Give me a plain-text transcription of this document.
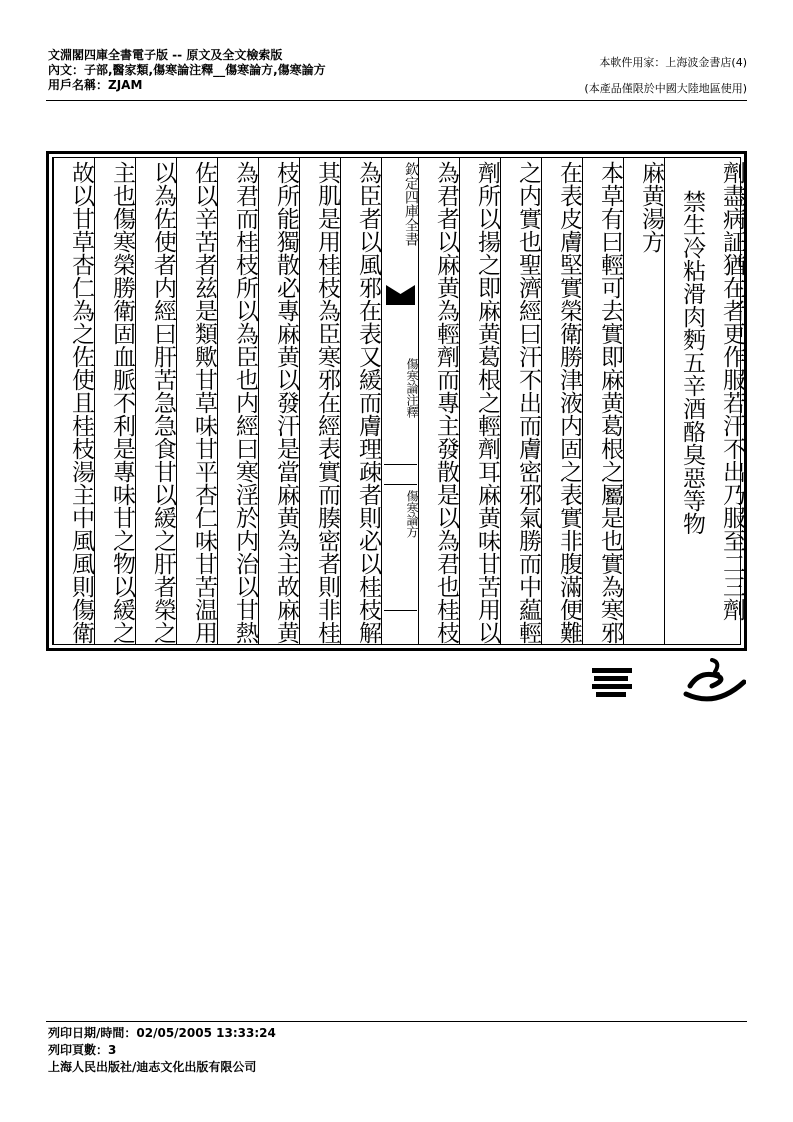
文淵閣四庫全書電子版 -- 原文及全文檢索版
內文：子部,醫家類,傷寒論注釋__傷寒論方,傷寒論方
用戶名稱：ZJAM
本軟件用家：上海波金書店(4)
(本產品僅限於中國大陸地區使用)
劑盡病証猶在者更作服若汗不出乃服至二三劑
禁生冷粘滑肉麪五辛酒酪臭惡等物
麻黄湯方
本草有曰輕可去實即麻黄葛根之屬是也實為寒邪
在表皮膚堅實榮衛勝津液内固之表實非腹滿便難
之内實也聖濟經曰汗不出而膚密邪氣勝而中藴輕
劑所以揚之即麻黄葛根之輕劑耳麻黄味甘苦用以
為君者以麻黄為輕劑而專主發散是以為君也桂枝
欽定四庫全書
傷寒論注釋
傷寒論方
為臣者以風邪在表又緩而膚理疎者則必以桂枝解
其肌是用桂枝為臣寒邪在經表實而腠密者則非桂
枝所能獨散必專麻黄以發汗是當麻黄為主故麻黄
為君而桂枝所以為臣也内經曰寒淫於内治以甘熱
佐以辛苦者兹是類歟甘草味甘平杏仁味甘苦温用
以為佐使者内經曰肝苦急急食甘以緩之肝者榮之
主也傷寒榮勝衛固血脈不利是專味甘之物以緩之
故以甘草杏仁為之佐使且桂枝湯主中風風則傷衛
列印日期/時間：02/05/2005 13:33:24
列印頁數：3
上海人民出版社/迪志文化出版有限公司
